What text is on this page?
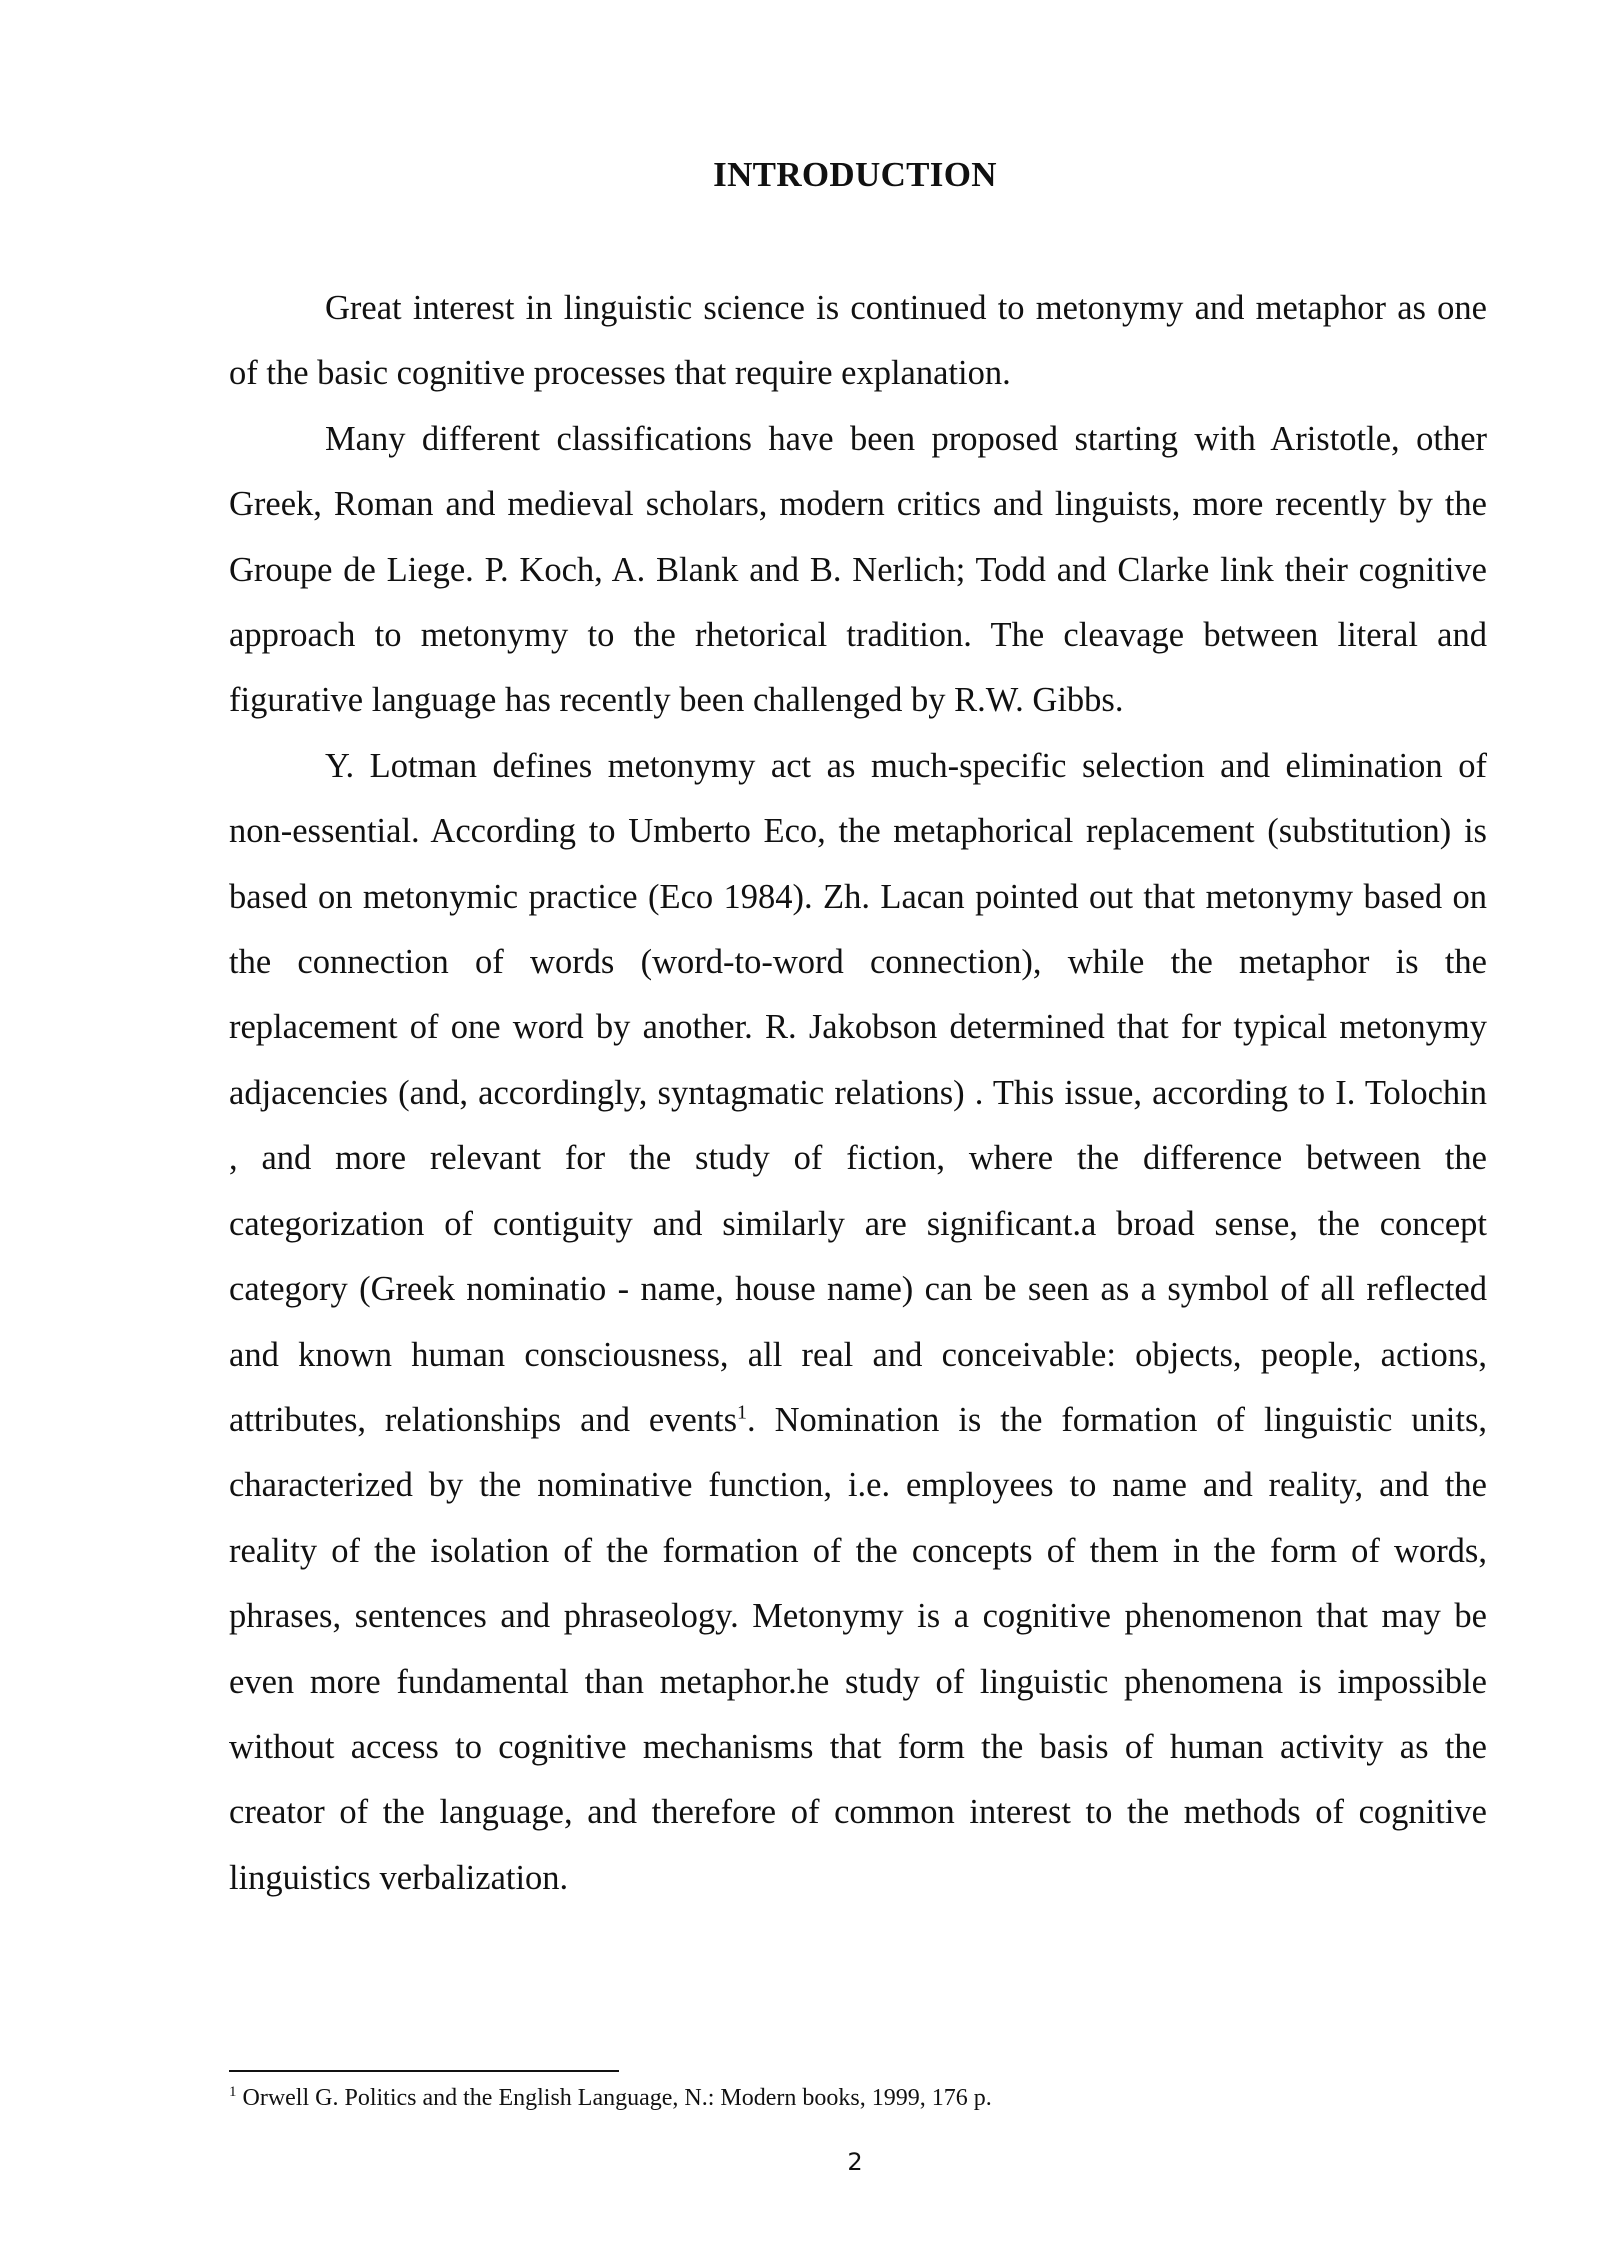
INTRODUCTION

Great interest in linguistic science is continued to metonymy and metaphor as one of the basic cognitive processes that require explanation.

Many different classifications have been proposed starting with Aristotle, other Greek, Roman and medieval scholars, modern critics and linguists, more recently by the Groupe de Liege. P. Koch, A. Blank and B. Nerlich; Todd and Clarke link their cognitive approach to metonymy to the rhetorical tradition. The cleavage between literal and figurative language has recently been challenged by R.W. Gibbs.

Y. Lotman defines metonymy act as much-specific selection and elimination of non-essential. According to Umberto Eco, the metaphorical replacement (substitution) is based on metonymic practice (Eco 1984). Zh. Lacan pointed out that metonymy based on the connection of words (word-to-word connection), while the metaphor is the replacement of one word by another. R. Jakobson determined that for typical metonymy adjacencies (and, accordingly, syntagmatic relations) . This issue, according to I. Tolochin , and more relevant for the study of fiction, where the difference between the categorization of contiguity and similarly are significant.a broad sense, the concept category (Greek nominatio - name, house name) can be seen as a symbol of all reflected and known human consciousness, all real and conceivable: objects, people, actions, attributes, relationships and events$^1$. Nomination is the formation of linguistic units, characterized by the nominative function, i.e. employees to name and reality, and the reality of the isolation of the formation of the concepts of them in the form of words, phrases, sentences and phraseology. Metonymy is a cognitive phenomenon that may be even more fundamental than metaphor.he study of linguistic phenomena is impossible without access to cognitive mechanisms that form the basis of human activity as the creator of the language, and therefore of common interest to the methods of cognitive linguistics verbalization.

$^1$ Orwell G. Politics and the English Language, N.: Modern books, 1999, 176 p.
2
